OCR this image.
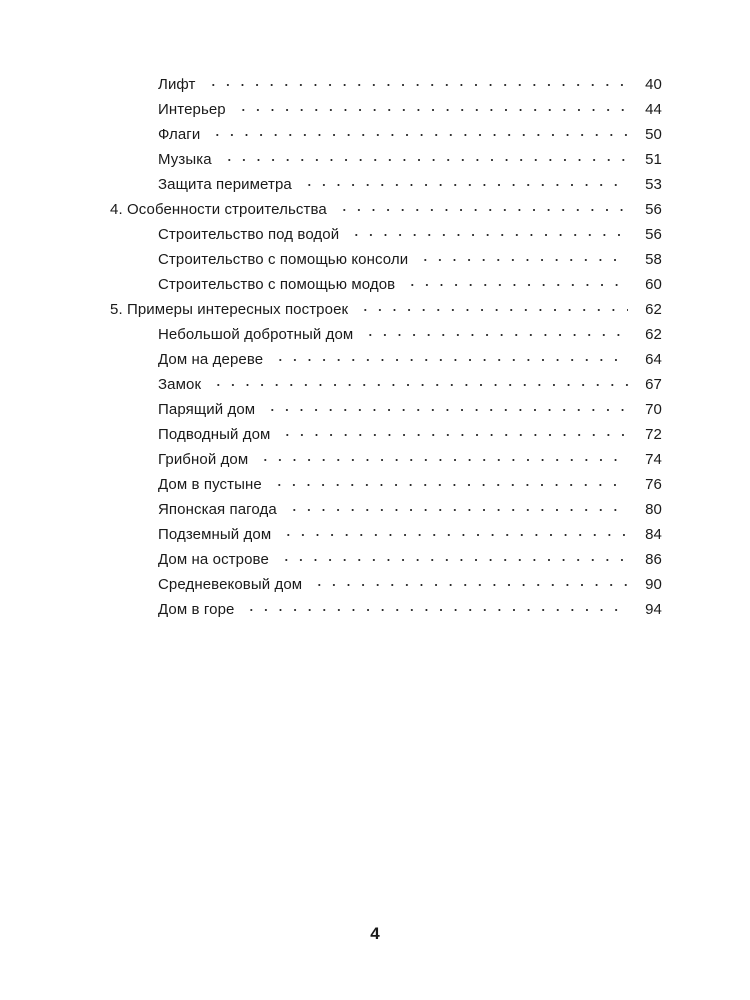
Лифт	40
Интерьер	44
Флаги	50
Музыка	51
Защита периметра	53
4. Особенности строительства	56
Строительство под водой	56
Строительство с помощью консоли	58
Строительство с помощью модов	60
5. Примеры интересных построек	62
Небольшой добротный дом	62
Дом на дереве	64
Замок	67
Парящий дом	70
Подводный дом	72
Грибной дом	74
Дом в пустыне	76
Японская пагода	80
Подземный дом	84
Дом на острове	86
Средневековый дом	90
Дом в горе	94
4
